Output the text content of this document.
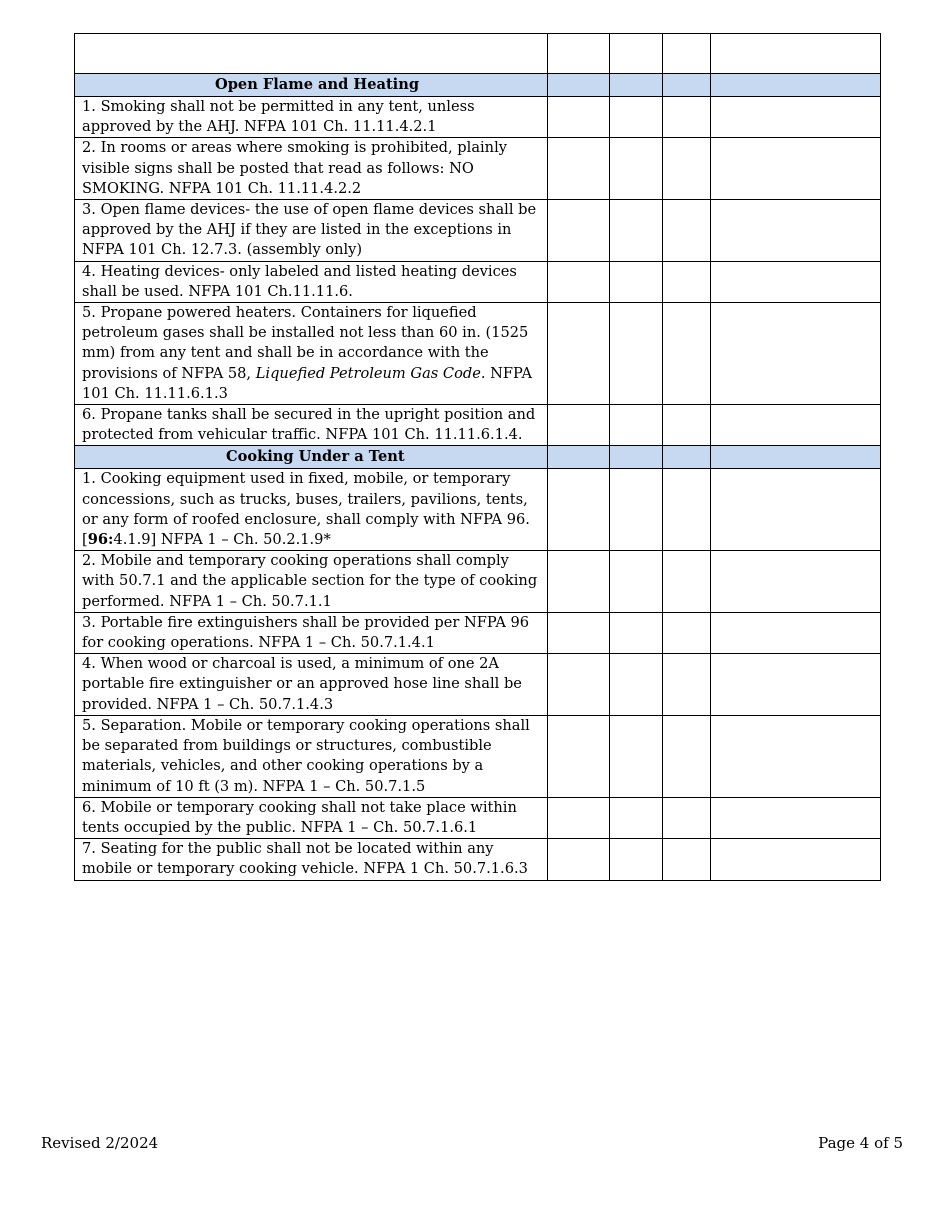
Open Flame and Heating				

1. Smoking shall not be permitted in any tent, unless approved by the AHJ. NFPA 101 Ch. 11.11.4.2.1				
2. In rooms or areas where smoking is prohibited, plainly visible signs shall be posted that read as follows: NO SMOKING. NFPA 101 Ch. 11.11.4.2.2				
3. Open flame devices- the use of open flame devices shall be approved by the AHJ if they are listed in the exceptions in NFPA 101 Ch. 12.7.3. (assembly only)				
4. Heating devices- only labeled and listed heating devices shall be used. NFPA 101 Ch.11.11.6.				
5. Propane powered heaters. Containers for liquefied petroleum gases shall be installed not less than 60 in. (1525 mm) from any tent and shall be in accordance with the provisions of NFPA 58, Liquefied Petroleum Gas Code. NFPA 101 Ch. 11.11.6.1.3				
6. Propane tanks shall be secured in the upright position and protected from vehicular traffic. NFPA 101 Ch. 11.11.6.1.4.				

Cooking Under a Tent				

1. Cooking equipment used in fixed, mobile, or temporary concessions, such as trucks, buses, trailers, pavilions, tents, or any form of roofed enclosure, shall comply with NFPA 96. [96:4.1.9] NFPA 1 – Ch. 50.2.1.9*				
2. Mobile and temporary cooking operations shall comply with 50.7.1 and the applicable section for the type of cooking performed. NFPA 1 – Ch. 50.7.1.1				
3. Portable fire extinguishers shall be provided per NFPA 96 for cooking operations. NFPA 1 – Ch. 50.7.1.4.1				
4. When wood or charcoal is used, a minimum of one 2A portable fire extinguisher or an approved hose line shall be provided. NFPA 1 – Ch. 50.7.1.4.3				
5. Separation. Mobile or temporary cooking operations shall be separated from buildings or structures, combustible materials, vehicles, and other cooking operations by a minimum of 10 ft (3 m). NFPA 1 – Ch. 50.7.1.5				
6. Mobile or temporary cooking shall not take place within tents occupied by the public. NFPA 1 – Ch. 50.7.1.6.1				
7. Seating for the public shall not be located within any mobile or temporary cooking vehicle. NFPA 1 Ch. 50.7.1.6.3				
Revised 2/2024	Page 4 of 5
